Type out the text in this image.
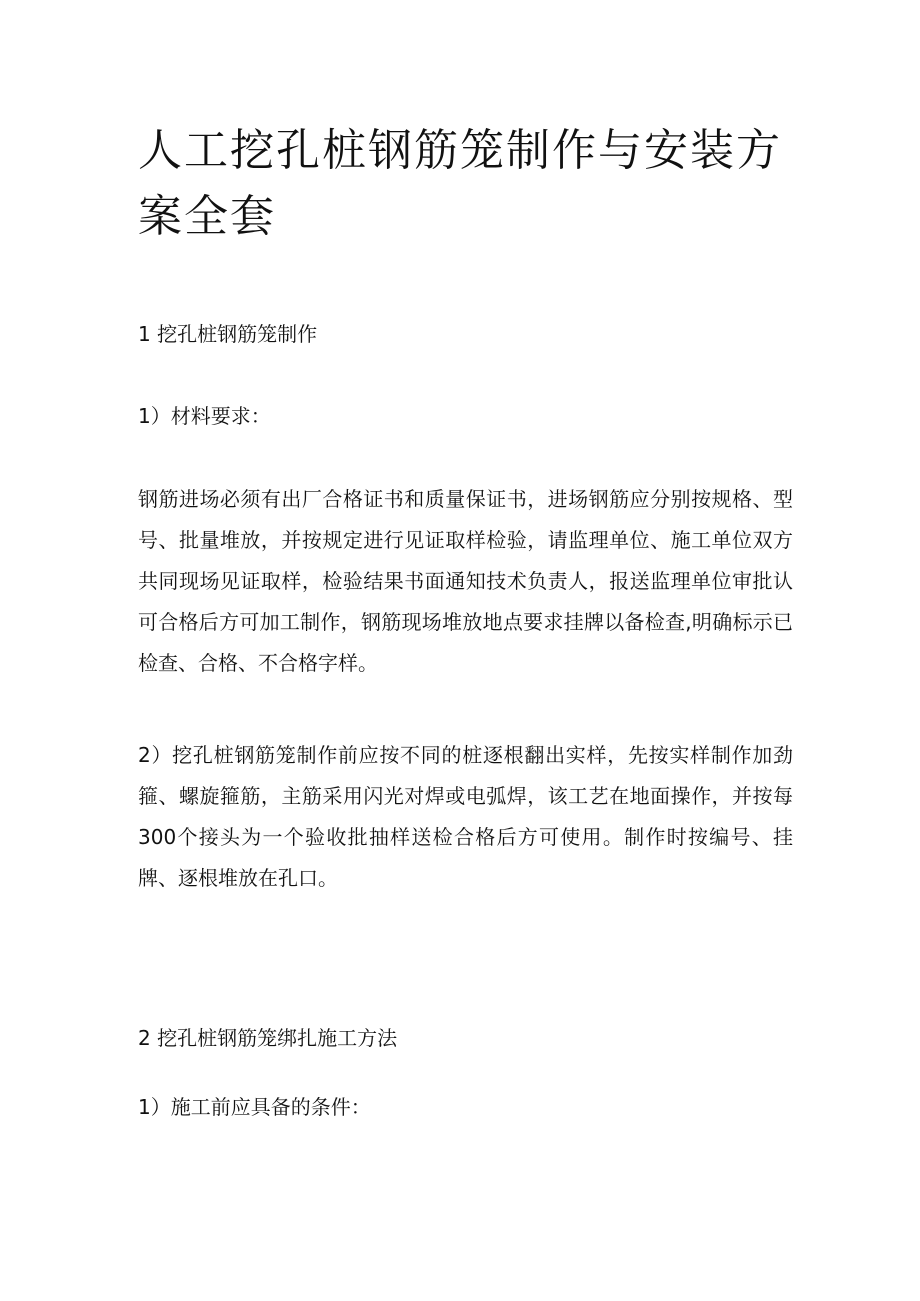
人工挖孔桩钢筋笼制作与安装方案全套
1 挖孔桩钢筋笼制作
1）材料要求：

钢筋进场必须有出厂合格证书和质量保证书，进场钢筋应分别按规格、型号、批量堆放，并按规定进行见证取样检验，请监理单位、施工单位双方共同现场见证取样，检验结果书面通知技术负责人，报送监理单位审批认可合格后方可加工制作，钢筋现场堆放地点要求挂牌以备检查,明确标示已检查、合格、不合格字样。

2）挖孔桩钢筋笼制作前应按不同的桩逐根翻出实样，先按实样制作加劲箍、螺旋箍筋，主筋采用闪光对焊或电弧焊，该工艺在地面操作，并按每300个接头为一个验收批抽样送检合格后方可使用。制作时按编号、挂牌、逐根堆放在孔口。

2 挖孔桩钢筋笼绑扎施工方法
1）施工前应具备的条件：
